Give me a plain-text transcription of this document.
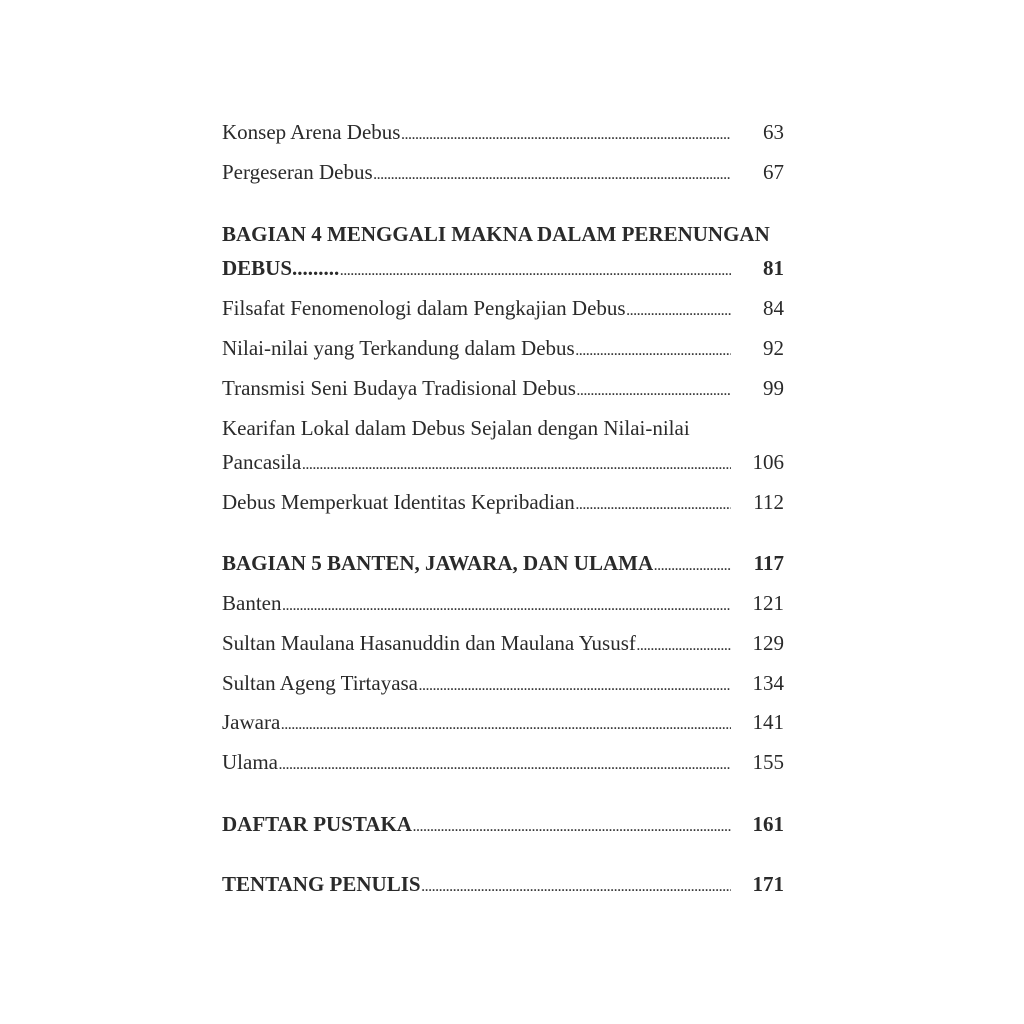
Konsep Arena Debus .....	63
Pergeseran Debus .....	67
BAGIAN 4 MENGGALI MAKNA DALAM PERENUNGAN
DEBUS......... .....	81
Filsafat Fenomenologi dalam Pengkajian Debus .....	84
Nilai-nilai yang Terkandung dalam Debus .....	92
Transmisi Seni Budaya Tradisional Debus .....	99
Kearifan Lokal dalam Debus Sejalan dengan Nilai-nilai
Pancasila .....	106
Debus Memperkuat Identitas Kepribadian .....	112
BAGIAN 5 BANTEN, JAWARA, DAN ULAMA .....	117
Banten .....	121
Sultan Maulana Hasanuddin dan Maulana Yususf .....	129
Sultan Ageng Tirtayasa .....	134
Jawara .....	141
Ulama .....	155
DAFTAR PUSTAKA .....	161
TENTANG PENULIS .....	171
